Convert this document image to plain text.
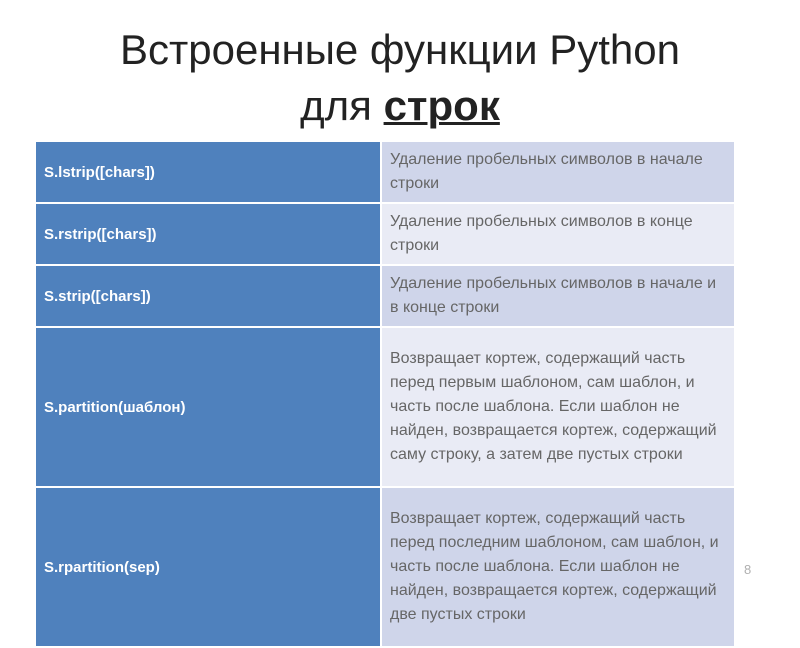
Встроенные функции Python
для строк
S.lstrip([chars])	Удаление пробельных символов в начале строки
S.rstrip([chars])	Удаление пробельных символов в конце строки
S.strip([chars])	Удаление пробельных символов в начале и в конце строки
S.partition(шаблон)	Возвращает кортеж, содержащий часть перед первым шаблоном, сам шаблон, и часть после шаблона. Если шаблон не найден, возвращается кортеж, содержащий саму строку, а затем две пустых строки
S.rpartition(sep)	Возвращает кортеж, содержащий часть перед последним шаблоном, сам шаблон, и часть после шаблона. Если шаблон не найден, возвращается кортеж, содержащий две пустых строки
8
